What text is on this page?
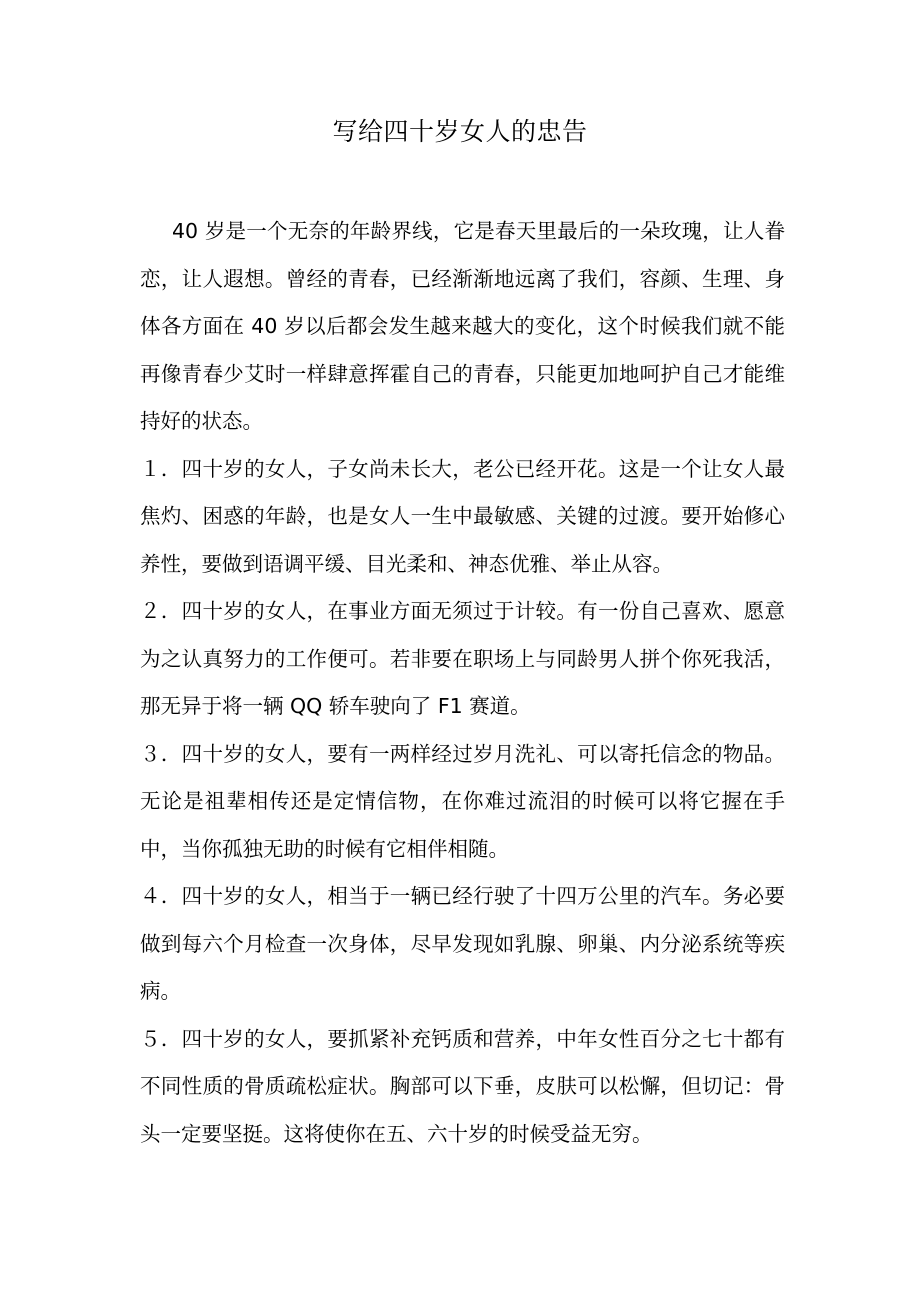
写给四十岁女人的忠告

40 岁是一个无奈的年龄界线，它是春天里最后的一朵玫瑰，让人眷恋，让人遐想。曾经的青春，已经渐渐地远离了我们，容颜、生理、身体各方面在 40 岁以后都会发生越来越大的变化，这个时候我们就不能再像青春少艾时一样肆意挥霍自己的青春，只能更加地呵护自己才能维持好的状态。

１．四十岁的女人，子女尚未长大，老公已经开花。这是一个让女人最焦灼、困惑的年龄，也是女人一生中最敏感、关键的过渡。要开始修心养性，要做到语调平缓、目光柔和、神态优雅、举止从容。

２．四十岁的女人，在事业方面无须过于计较。有一份自己喜欢、愿意为之认真努力的工作便可。若非要在职场上与同龄男人拼个你死我活，那无异于将一辆 QQ 轿车驶向了 F1 赛道。

３．四十岁的女人，要有一两样经过岁月洗礼、可以寄托信念的物品。无论是祖辈相传还是定情信物，在你难过流泪的时候可以将它握在手中，当你孤独无助的时候有它相伴相随。

４．四十岁的女人，相当于一辆已经行驶了十四万公里的汽车。务必要做到每六个月检查一次身体，尽早发现如乳腺、卵巢、内分泌系统等疾病。

５．四十岁的女人，要抓紧补充钙质和营养，中年女性百分之七十都有不同性质的骨质疏松症状。胸部可以下垂，皮肤可以松懈，但切记：骨头一定要坚挺。这将使你在五、六十岁的时候受益无穷。
